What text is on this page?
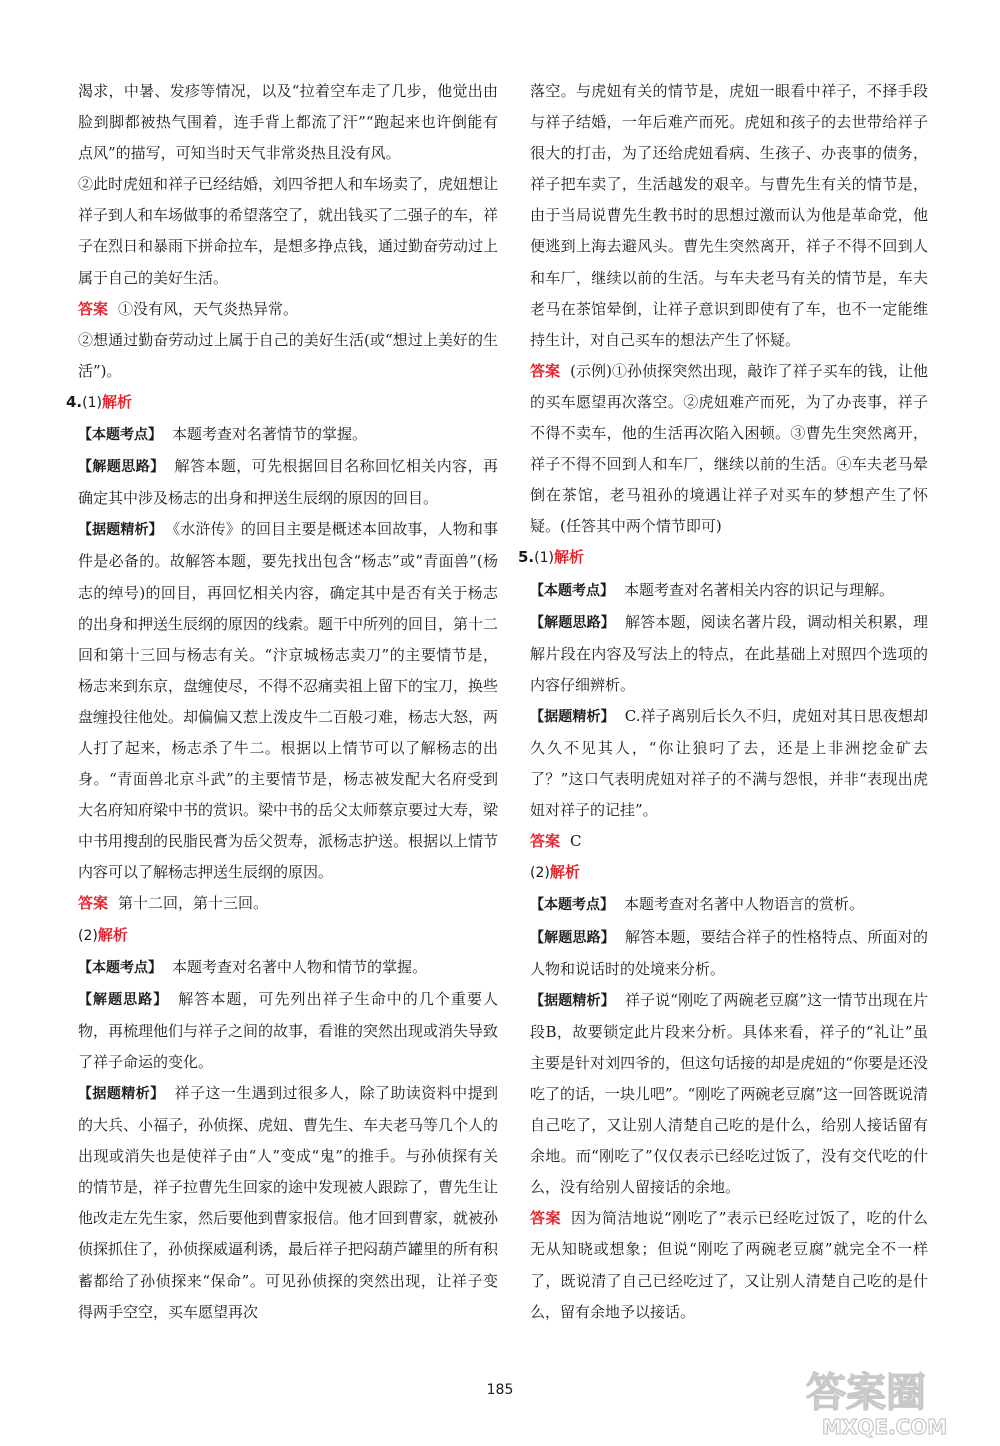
渴求，中暑、发疹等情况，以及“拉着空车走了几步，他觉出由脸到脚都被热气围着，连手背上都流了汗”“跑起来也许倒能有点风”的描写，可知当时天气非常炎热且没有风。

②此时虎妞和祥子已经结婚，刘四爷把人和车场卖了，虎妞想让祥子到人和车场做事的希望落空了，就出钱买了二强子的车，祥子在烈日和暴雨下拼命拉车，是想多挣点钱，通过勤奋劳动过上属于自己的美好生活。

答案 ①没有风，天气炎热异常。

②想通过勤奋劳动过上属于自己的美好生活(或“想过上美好的生活”)。

4.(1)解析

【本题考点】 本题考查对名著情节的掌握。

【解题思路】 解答本题，可先根据回目名称回忆相关内容，再确定其中涉及杨志的出身和押送生辰纲的原因的回目。

【据题精析】 《水浒传》的回目主要是概述本回故事，人物和事件是必备的。故解答本题，要先找出包含“杨志”或“青面兽”(杨志的绰号)的回目，再回忆相关内容，确定其中是否有关于杨志的出身和押送生辰纲的原因的线索。题干中所列的回目，第十二回和第十三回与杨志有关。“汴京城杨志卖刀”的主要情节是，杨志来到东京，盘缠使尽，不得不忍痛卖祖上留下的宝刀，换些盘缠投往他处。却偏偏又惹上泼皮牛二百般刁难，杨志大怒，两人打了起来，杨志杀了牛二。根据以上情节可以了解杨志的出身。“青面兽北京斗武”的主要情节是，杨志被发配大名府受到大名府知府梁中书的赏识。梁中书的岳父太师蔡京要过大寿，梁中书用搜刮的民脂民膏为岳父贺寿，派杨志护送。根据以上情节内容可以了解杨志押送生辰纲的原因。

答案 第十二回，第十三回。

(2)解析

【本题考点】 本题考查对名著中人物和情节的掌握。

【解题思路】 解答本题，可先列出祥子生命中的几个重要人物，再梳理他们与祥子之间的故事，看谁的突然出现或消失导致了祥子命运的变化。

【据题精析】 祥子这一生遇到过很多人，除了助读资料中提到的大兵、小福子，孙侦探、虎妞、曹先生、车夫老马等几个人的出现或消失也是使祥子由“人”变成“鬼”的推手。与孙侦探有关的情节是，祥子拉曹先生回家的途中发现被人跟踪了，曹先生让他改走左先生家，然后要他到曹家报信。他才回到曹家，就被孙侦探抓住了，孙侦探威逼利诱，最后祥子把闷葫芦罐里的所有积蓄都给了孙侦探来“保命”。可见孙侦探的突然出现，让祥子变得两手空空，买车愿望再次

落空。与虎妞有关的情节是，虎妞一眼看中祥子，不择手段与祥子结婚，一年后难产而死。虎妞和孩子的去世带给祥子很大的打击，为了还给虎妞看病、生孩子、办丧事的债务，祥子把车卖了，生活越发的艰辛。与曹先生有关的情节是，由于当局说曹先生教书时的思想过激而认为他是革命党，他便逃到上海去避风头。曹先生突然离开，祥子不得不回到人和车厂，继续以前的生活。与车夫老马有关的情节是，车夫老马在茶馆晕倒，让祥子意识到即使有了车，也不一定能维持生计，对自己买车的想法产生了怀疑。

答案 (示例)①孙侦探突然出现，敲诈了祥子买车的钱，让他的买车愿望再次落空。②虎妞难产而死，为了办丧事，祥子不得不卖车，他的生活再次陷入困顿。③曹先生突然离开，祥子不得不回到人和车厂，继续以前的生活。④车夫老马晕倒在茶馆，老马祖孙的境遇让祥子对买车的梦想产生了怀疑。(任答其中两个情节即可)

5.(1)解析

【本题考点】 本题考查对名著相关内容的识记与理解。

【解题思路】 解答本题，阅读名著片段，调动相关积累，理解片段在内容及写法上的特点，在此基础上对照四个选项的内容仔细辨析。

【据题精析】 C.祥子离别后长久不归，虎妞对其日思夜想却久久不见其人，“你让狼叼了去，还是上非洲挖金矿去了？”这口气表明虎妞对祥子的不满与怨恨，并非“表现出虎妞对祥子的记挂”。

答案 C

(2)解析

【本题考点】 本题考查对名著中人物语言的赏析。

【解题思路】 解答本题，要结合祥子的性格特点、所面对的人物和说话时的处境来分析。

【据题精析】 祥子说“刚吃了两碗老豆腐”这一情节出现在片段B，故要锁定此片段来分析。具体来看，祥子的“礼让”虽主要是针对刘四爷的，但这句话接的却是虎妞的“你要是还没吃了的话，一块儿吧”。“刚吃了两碗老豆腐”这一回答既说清自己吃了，又让别人清楚自己吃的是什么，给别人接话留有余地。而“刚吃了”仅仅表示已经吃过饭了，没有交代吃的什么，没有给别人留接话的余地。

答案 因为简洁地说“刚吃了”表示已经吃过饭了，吃的什么无从知晓或想象；但说“刚吃了两碗老豆腐”就完全不一样了，既说清了自己已经吃过了，又让别人清楚自己吃的是什么，留有余地予以接话。

185	答案圈
MXQE.COM
